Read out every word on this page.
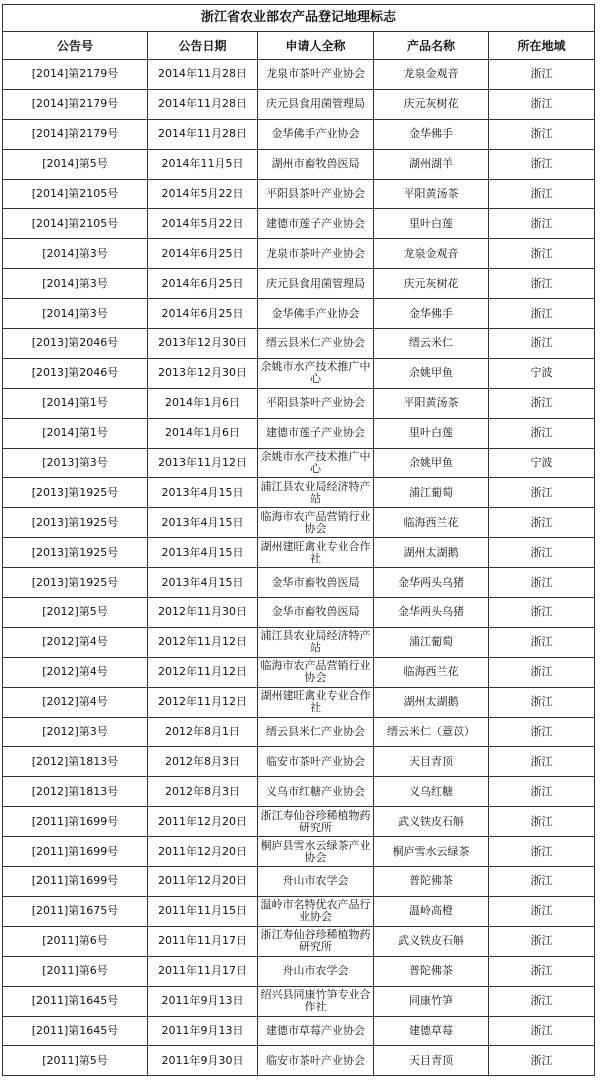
浙江省农业部农产品登记地理标志				
公告号	公告日期	申请人全称	产品名称	所在地域
[2014]第2179号	2014年11月28日	龙泉市茶叶产业协会	龙泉金观音	浙江
[2014]第2179号	2014年11月28日	庆元县食用菌管理局	庆元灰树花	浙江
[2014]第2179号	2014年11月28日	金华佛手产业协会	金华佛手	浙江
[2014]第5号	2014年11月5日	湖州市畜牧兽医局	湖州湖羊	浙江
[2014]第2105号	2014年5月22日	平阳县茶叶产业协会	平阳黄汤茶	浙江
[2014]第2105号	2014年5月22日	建德市莲子产业协会	里叶白莲	浙江
[2014]第3号	2014年6月25日	龙泉市茶叶产业协会	龙泉金观音	浙江
[2014]第3号	2014年6月25日	庆元县食用菌管理局	庆元灰树花	浙江
[2014]第3号	2014年6月25日	金华佛手产业协会	金华佛手	浙江
[2013]第2046号	2013年12月30日	缙云县米仁产业协会	缙云米仁	浙江
[2013]第2046号	2013年12月30日	余姚市水产技术推广中心	余姚甲鱼	宁波
[2014]第1号	2014年1月6日	平阳县茶叶产业协会	平阳黄汤茶	浙江
[2014]第1号	2014年1月6日	建德市莲子产业协会	里叶白莲	浙江
[2013]第3号	2013年11月12日	余姚市水产技术推广中心	余姚甲鱼	宁波
[2013]第1925号	2013年4月15日	浦江县农业局经济特产站	浦江葡萄	浙江
[2013]第1925号	2013年4月15日	临海市农产品营销行业协会	临海西兰花	浙江
[2013]第1925号	2013年4月15日	湖州建旺禽业专业合作社	湖州太湖鹅	浙江
[2013]第1925号	2013年4月15日	金华市畜牧兽医局	金华两头乌猪	浙江
[2012]第5号	2012年11月30日	金华市畜牧兽医局	金华两头乌猪	浙江
[2012]第4号	2012年11月12日	浦江县农业局经济特产站	浦江葡萄	浙江
[2012]第4号	2012年11月12日	临海市农产品营销行业协会	临海西兰花	浙江
[2012]第4号	2012年11月12日	湖州建旺禽业专业合作社	湖州太湖鹅	浙江
[2012]第3号	2012年8月1日	缙云县米仁产业协会	缙云米仁（薏苡）	浙江
[2012]第1813号	2012年8月3日	临安市茶叶产业协会	天目青顶	浙江
[2012]第1813号	2012年8月3日	义乌市红糖产业协会	义乌红糖	浙江
[2011]第1699号	2011年12月20日	浙江寿仙谷珍稀植物药研究所	武义铁皮石斛	浙江
[2011]第1699号	2011年12月20日	桐庐县雪水云绿茶产业协会	桐庐雪水云绿茶	浙江
[2011]第1699号	2011年12月20日	舟山市农学会	普陀佛茶	浙江
[2011]第1675号	2011年11月15日	温岭市名特优农产品行业协会	温岭高橙	浙江
[2011]第6号	2011年11月17日	浙江寿仙谷珍稀植物药研究所	武义铁皮石斛	浙江
[2011]第6号	2011年11月17日	舟山市农学会	普陀佛茶	浙江
[2011]第1645号	2011年9月13日	绍兴县同康竹笋专业合作社	同康竹笋	浙江
[2011]第1645号	2011年9月13日	建德市草莓产业协会	建德草莓	浙江
[2011]第5号	2011年9月30日	临安市茶叶产业协会	天目青顶	浙江
